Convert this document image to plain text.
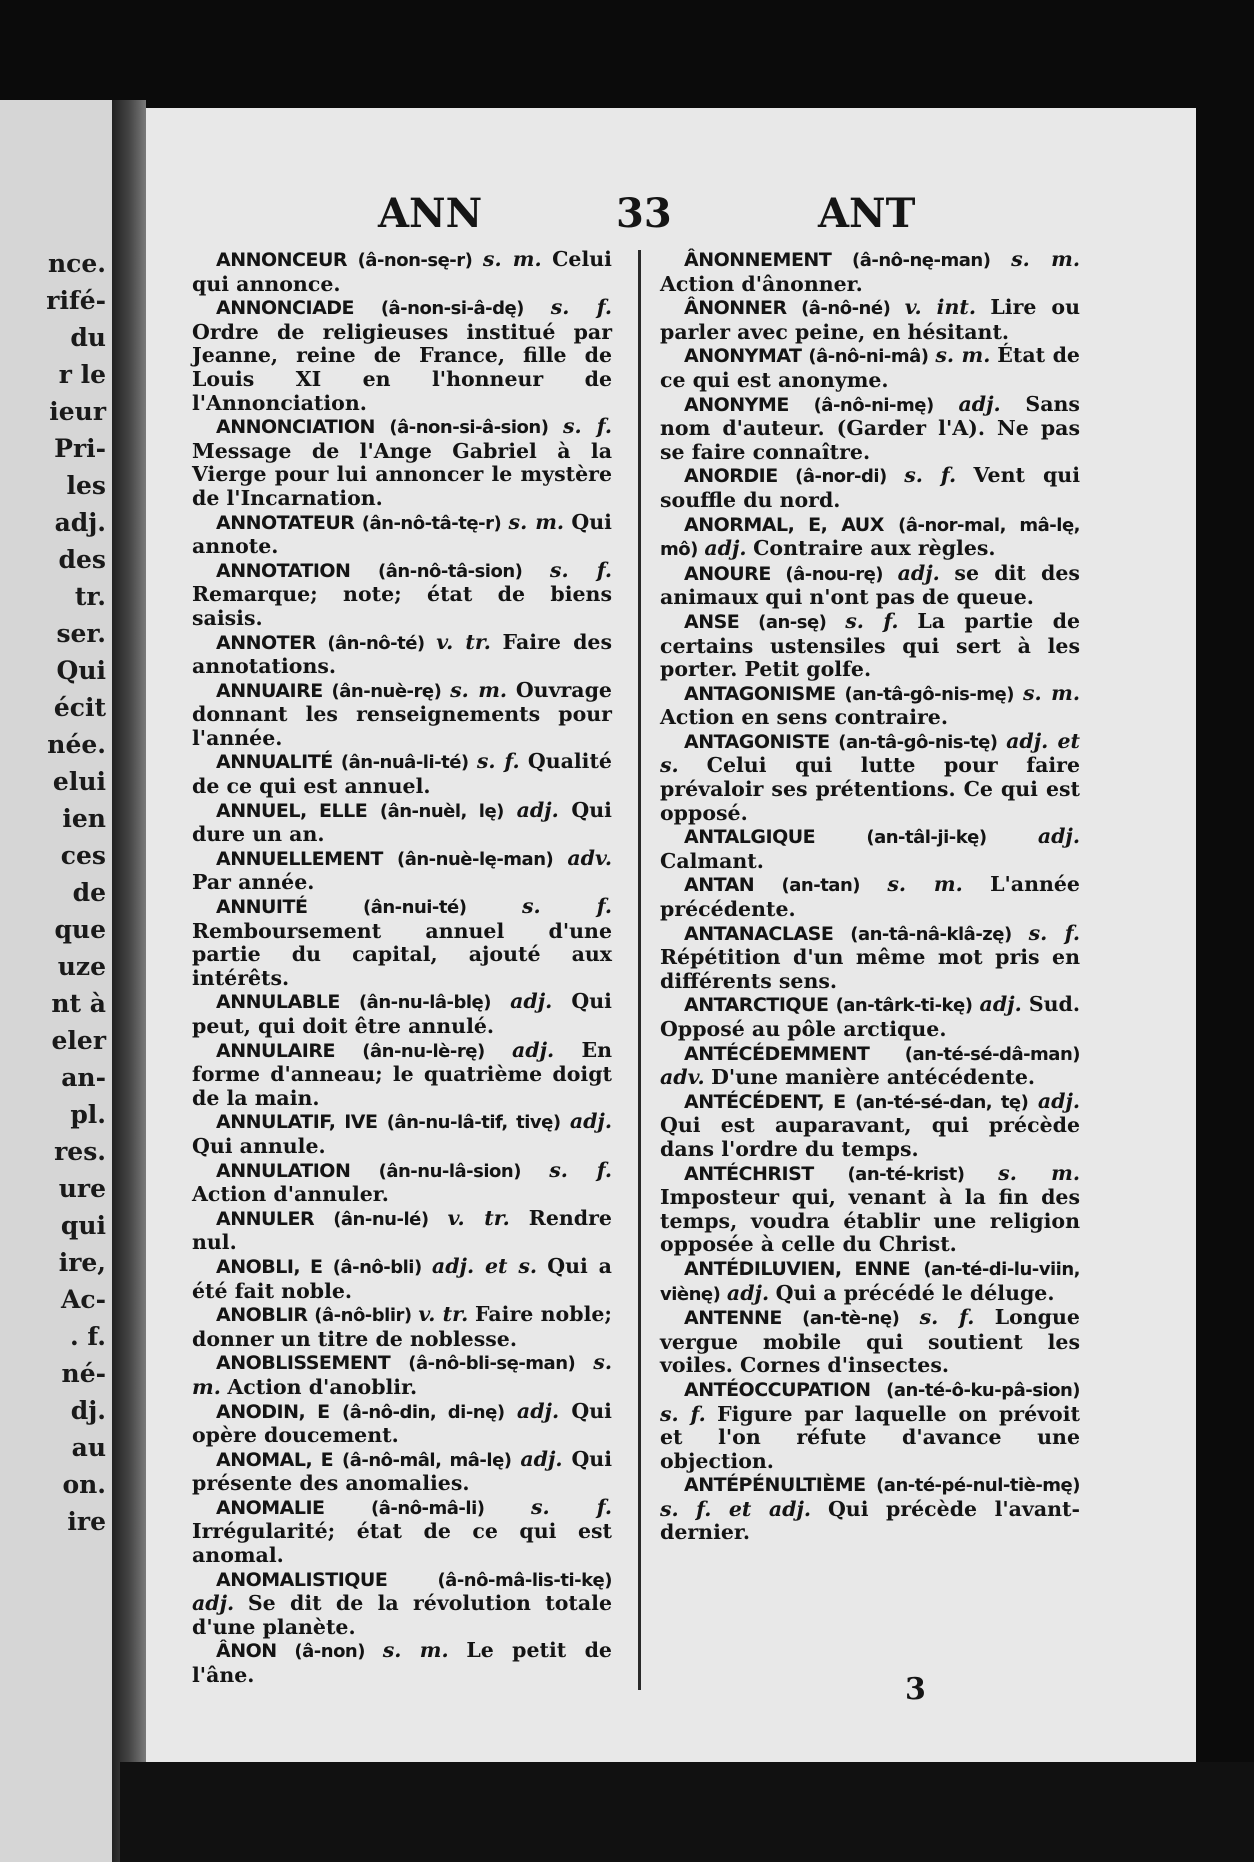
nce.
rifé-
du
r le
ieur
Pri-
les
adj.
des
tr.
ser.
Qui
écit
née.
elui
ien
ces
de
que
uze
nt à
eler
an-
pl.
res.
ure
qui
ire,
Ac-
. f.
né-
dj.
au
on.
ire
ANN	33	ANT
ANNONCEUR (â-non-sę-r) s. m. Celui qui annonce.
ANNONCIADE (â-non-si-â-dę) s. f. Ordre de religieuses institué par Jeanne, reine de France, fille de Louis XI en l'honneur de l'Annonciation.
ANNONCIATION (â-non-si-â-sion) s. f. Message de l'Ange Gabriel à la Vierge pour lui annoncer le mystère de l'Incarnation.
ANNOTATEUR (ân-nô-tâ-tę-r) s. m. Qui annote.
ANNOTATION (ân-nô-tâ-sion) s. f. Remarque; note; état de biens saisis.
ANNOTER (ân-nô-té) v. tr. Faire des annotations.
ANNUAIRE (ân-nuè-rę) s. m. Ouvrage donnant les renseignements pour l'année.
ANNUALITÉ (ân-nuâ-li-té) s. f. Qualité de ce qui est annuel.
ANNUEL, ELLE (ân-nuèl, lę) adj. Qui dure un an.
ANNUELLEMENT (ân-nuè-lę-man) adv. Par année.
ANNUITÉ	(ân-nui-té)	s. f. Remboursement annuel d'une partie du capital, ajouté aux intérêts.
ANNULABLE (ân-nu-lâ-blę) adj. Qui peut, qui doit être annulé.
ANNULAIRE (ân-nu-lè-rę) adj. En forme d'anneau; le quatrième doigt de la main.
ANNULATIF, IVE (ân-nu-lâ-tif, tivę) adj. Qui annule.
ANNULATION (ân-nu-lâ-sion) s. f. Action d'annuler.
ANNULER (ân-nu-lé) v. tr. Rendre nul.
ANOBLI, E (â-nô-bli) adj. et s. Qui a été fait noble.
ANOBLIR (â-nô-blir) v. tr. Faire noble; donner un titre de noblesse.
ANOBLISSEMENT (â-nô-bli-sę-man) s. m. Action d'anoblir.
ANODIN, E (â-nô-din, di-nę) adj. Qui opère doucement.
ANOMAL, E (â-nô-mâl, mâ-lę) adj. Qui présente des anomalies.
ANOMALIE	(â-nô-mâ-li) s. f. Irrégularité; état de ce qui est anomal.
ANOMALISTIQUE	(â-nô-mâ-lis-ti-kę) adj. Se dit de la révolution totale d'une planète.
ÂNON (â-non) s. m. Le petit de l'âne.
ÂNONNEMENT (â-nô-nę-man) s. m. Action d'ânonner.
ÂNONNER (â-nô-né) v. int. Lire ou parler avec peine, en hésitant.
ANONYMAT (â-nô-ni-mâ) s. m. État de ce qui est anonyme.
ANONYME (â-nô-ni-mę) adj. Sans nom d'auteur. (Garder l'A). Ne pas se faire connaître.
ANORDIE (â-nor-di) s. f. Vent qui souffle du nord.
ANORMAL, E, AUX (â-nor-mal, mâ-lę, mô) adj. Contraire aux règles.
ANOURE (â-nou-rę) adj. se dit des animaux qui n'ont pas de queue.
ANSE (an-sę) s. f. La partie de certains ustensiles qui sert à les porter. Petit golfe.
ANTAGONISME (an-tâ-gô-nis-mę) s. m. Action en sens contraire.
ANTAGONISTE (an-tâ-gô-nis-tę) adj. et s. Celui qui lutte pour faire prévaloir ses prétentions. Ce qui est opposé.
ANTALGIQUE	(an-tâl-ji-kę) adj. Calmant.
ANTAN (an-tan) s. m. L'année précédente.
ANTANACLASE (an-tâ-nâ-klâ-zę) s. f. Répétition d'un même mot pris en différents sens.
ANTARCTIQUE (an-târk-ti-kę) adj. Sud. Opposé au pôle arctique.
ANTÉCÉDEMMENT (an-té-sé-dâ-man) adv. D'une manière antécédente.
ANTÉCÉDENT, E (an-té-sé-dan, tę) adj. Qui est auparavant, qui précède dans l'ordre du temps.
ANTÉCHRIST (an-té-krist) s. m. Imposteur qui, venant à la fin des temps, voudra établir une religion opposée à celle du Christ.
ANTÉDILUVIEN, ENNE (an-té-di-lu-viin, viènę) adj. Qui a précédé le déluge.
ANTENNE (an-tè-nę) s. f. Longue vergue mobile qui soutient les voiles. Cornes d'insectes.
ANTÉOCCUPATION (an-té-ô-ku-pâ-sion) s. f. Figure par laquelle on prévoit et l'on réfute d'avance une objection.
ANTÉPÉNULTIÈME (an-té-pé-nul-tiè-mę) s. f. et adj. Qui précède l'avant-dernier.
3
